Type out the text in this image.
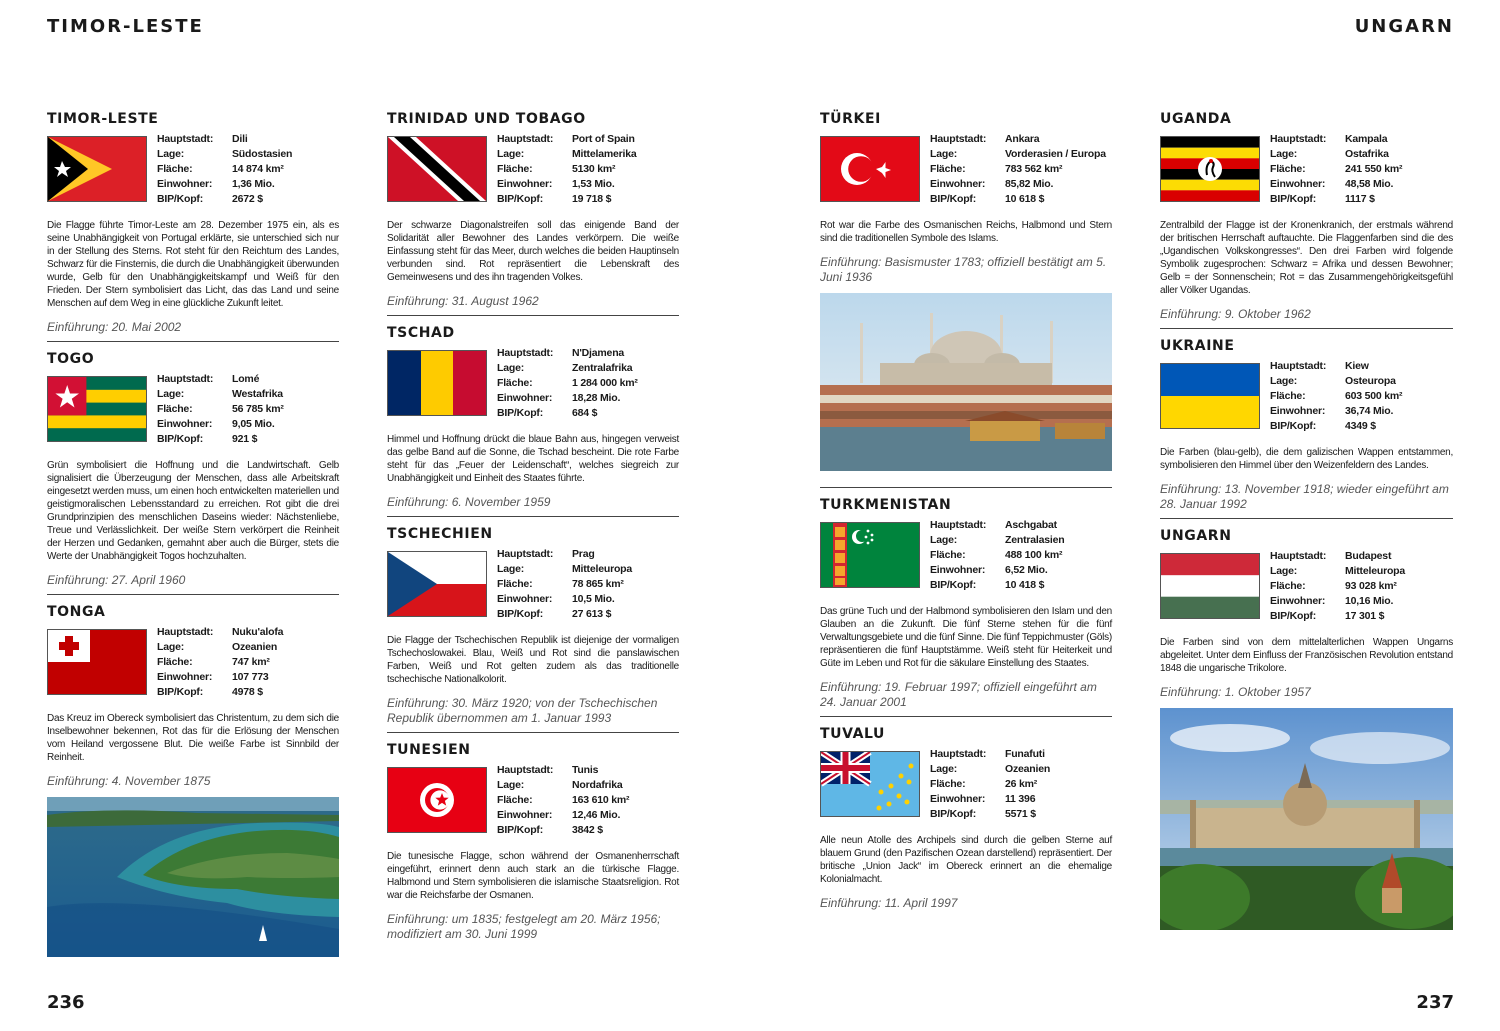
TIMOR-LESTE	UNGARN
TIMOR-LESTE
Hauptstadt:	Dili
Lage:	Südostasien
Fläche:	14 874 km²
Einwohner:	1,36 Mio.
BIP/Kopf:	2672 $

Die Flagge führte Timor-Leste am 28. Dezember 1975 ein, als es seine Unabhängigkeit von Portugal erklärte, sie unterschied sich nur in der Stellung des Sterns. Rot steht für den Reichtum des Landes, Schwarz für die Finsternis, die durch die Unabhängigkeit überwunden wurde, Gelb für den Unabhängigkeitskampf und Weiß für den Frieden. Der Stern symbolisiert das Licht, das das Land und seine Menschen auf dem Weg in eine glückliche Zukunft leitet.

Einführung: 20. Mai 2002
TOGO
Hauptstadt:	Lomé
Lage:	Westafrika
Fläche:	56 785 km²
Einwohner:	9,05 Mio.
BIP/Kopf:	921 $

Grün symbolisiert die Hoffnung und die Landwirtschaft. Gelb signalisiert die Überzeugung der Menschen, dass alle Arbeitskraft eingesetzt werden muss, um einen hoch entwickelten materiellen und geistigmoralischen Lebensstandard zu erreichen. Rot gibt die drei Grundprinzipien des menschlichen Daseins wieder: Nächstenliebe, Treue und Verlässlichkeit. Der weiße Stern verkörpert die Reinheit der Herzen und Gedanken, gemahnt aber auch die Bürger, stets die Werte der Unabhängigkeit Togos hochzuhalten.

Einführung: 27. April 1960
TONGA
Hauptstadt:	Nuku'alofa
Lage:	Ozeanien
Fläche:	747 km²
Einwohner:	107 773
BIP/Kopf:	4978 $

Das Kreuz im Obereck symbolisiert das Christentum, zu dem sich die Inselbewohner bekennen, Rot das für die Erlösung der Menschen vom Heiland vergossene Blut. Die weiße Farbe ist Sinnbild der Reinheit.

Einführung: 4. November 1875
TRINIDAD UND TOBAGO
Hauptstadt:	Port of Spain
Lage:	Mittelamerika
Fläche:	5130 km²
Einwohner:	1,53 Mio.
BIP/Kopf:	19 718 $

Der schwarze Diagonalstreifen soll das einigende Band der Solidarität aller Bewohner des Landes verkörpern. Die weiße Einfassung steht für das Meer, durch welches die beiden Hauptinseln verbunden sind. Rot repräsentiert die Lebenskraft des Gemeinwesens und des ihn tragenden Volkes.

Einführung: 31. August 1962
TSCHAD
Hauptstadt:	N'Djamena
Lage:	Zentralafrika
Fläche:	1 284 000 km²
Einwohner:	18,28 Mio.
BIP/Kopf:	684 $

Himmel und Hoffnung drückt die blaue Bahn aus, hingegen verweist das gelbe Band auf die Sonne, die Tschad bescheint. Die rote Farbe steht für das „Feuer der Leidenschaft“, welches siegreich zur Unabhängigkeit und Einheit des Staates führte.

Einführung: 6. November 1959
TSCHECHIEN
Hauptstadt:	Prag
Lage:	Mitteleuropa
Fläche:	78 865 km²
Einwohner:	10,5 Mio.
BIP/Kopf:	27 613 $

Die Flagge der Tschechischen Republik ist diejenige der vormaligen Tschechoslowakei. Blau, Weiß und Rot sind die panslawischen Farben, Weiß und Rot gelten zudem als das traditionelle tschechische Nationalkolorit.

Einführung: 30. März 1920; von der Tschechischen Republik übernommen am 1. Januar 1993
TUNESIEN
Hauptstadt:	Tunis
Lage:	Nordafrika
Fläche:	163 610 km²
Einwohner:	12,46 Mio.
BIP/Kopf:	3842 $

Die tunesische Flagge, schon während der Osmanenherrschaft eingeführt, erinnert denn auch stark an die türkische Flagge. Halbmond und Stern symbolisieren die islamische Staatsreligion. Rot war die Reichsfarbe der Osmanen.

Einführung: um 1835; festgelegt am 20. März 1956; modifiziert am 30. Juni 1999
TÜRKEI
Hauptstadt:	Ankara
Lage:	Vorderasien / Europa
Fläche:	783 562 km²
Einwohner:	85,82 Mio.
BIP/Kopf:	10 618 $

Rot war die Farbe des Osmanischen Reichs, Halbmond und Stern sind die traditionellen Symbole des Islams.

Einführung: Basismuster 1783; offiziell bestätigt am 5. Juni 1936
TURKMENISTAN
Hauptstadt:	Aschgabat
Lage:	Zentralasien
Fläche:	488 100 km²
Einwohner:	6,52 Mio.
BIP/Kopf:	10 418 $

Das grüne Tuch und der Halbmond symbolisieren den Islam und den Glauben an die Zukunft. Die fünf Sterne stehen für die fünf Verwaltungsgebiete und die fünf Sinne. Die fünf Teppichmuster (Göls) repräsentieren die fünf Hauptstämme. Weiß steht für Heiterkeit und Güte im Leben und Rot für die säkulare Einstellung des Staates.

Einführung: 19. Februar 1997; offiziell eingeführt am 24. Januar 2001
TUVALU
Hauptstadt:	Funafuti
Lage:	Ozeanien
Fläche:	26 km²
Einwohner:	11 396
BIP/Kopf:	5571 $

Alle neun Atolle des Archipels sind durch die gelben Sterne auf blauem Grund (den Pazifischen Ozean darstellend) repräsentiert. Der britische „Union Jack“ im Obereck erinnert an die ehemalige Kolonialmacht.

Einführung: 11. April 1997
UGANDA
Hauptstadt:	Kampala
Lage:	Ostafrika
Fläche:	241 550 km²
Einwohner:	48,58 Mio.
BIP/Kopf:	1117 $

Zentralbild der Flagge ist der Kronenkranich, der erstmals während der britischen Herrschaft auftauchte. Die Flaggenfarben sind die des „Ugandischen Volkskongresses“. Den drei Farben wird folgende Symbolik zugesprochen: Schwarz = Afrika und dessen Bewohner; Gelb = der Sonnenschein; Rot = das Zusammengehörigkeitsgefühl aller Völker Ugandas.

Einführung: 9. Oktober 1962
UKRAINE
Hauptstadt:	Kiew
Lage:	Osteuropa
Fläche:	603 500 km²
Einwohner:	36,74 Mio.
BIP/Kopf:	4349 $

Die Farben (blau-gelb), die dem galizischen Wappen entstammen, symbolisieren den Himmel über den Weizenfeldern des Landes.

Einführung: 13. November 1918; wieder eingeführt am 28. Januar 1992
UNGARN
Hauptstadt:	Budapest
Lage:	Mitteleuropa
Fläche:	93 028 km²
Einwohner:	10,16 Mio.
BIP/Kopf:	17 301 $

Die Farben sind von dem mittelalterlichen Wappen Ungarns abgeleitet. Unter dem Einfluss der Französischen Revolution entstand 1848 die ungarische Trikolore.

Einführung: 1. Oktober 1957
236	237
